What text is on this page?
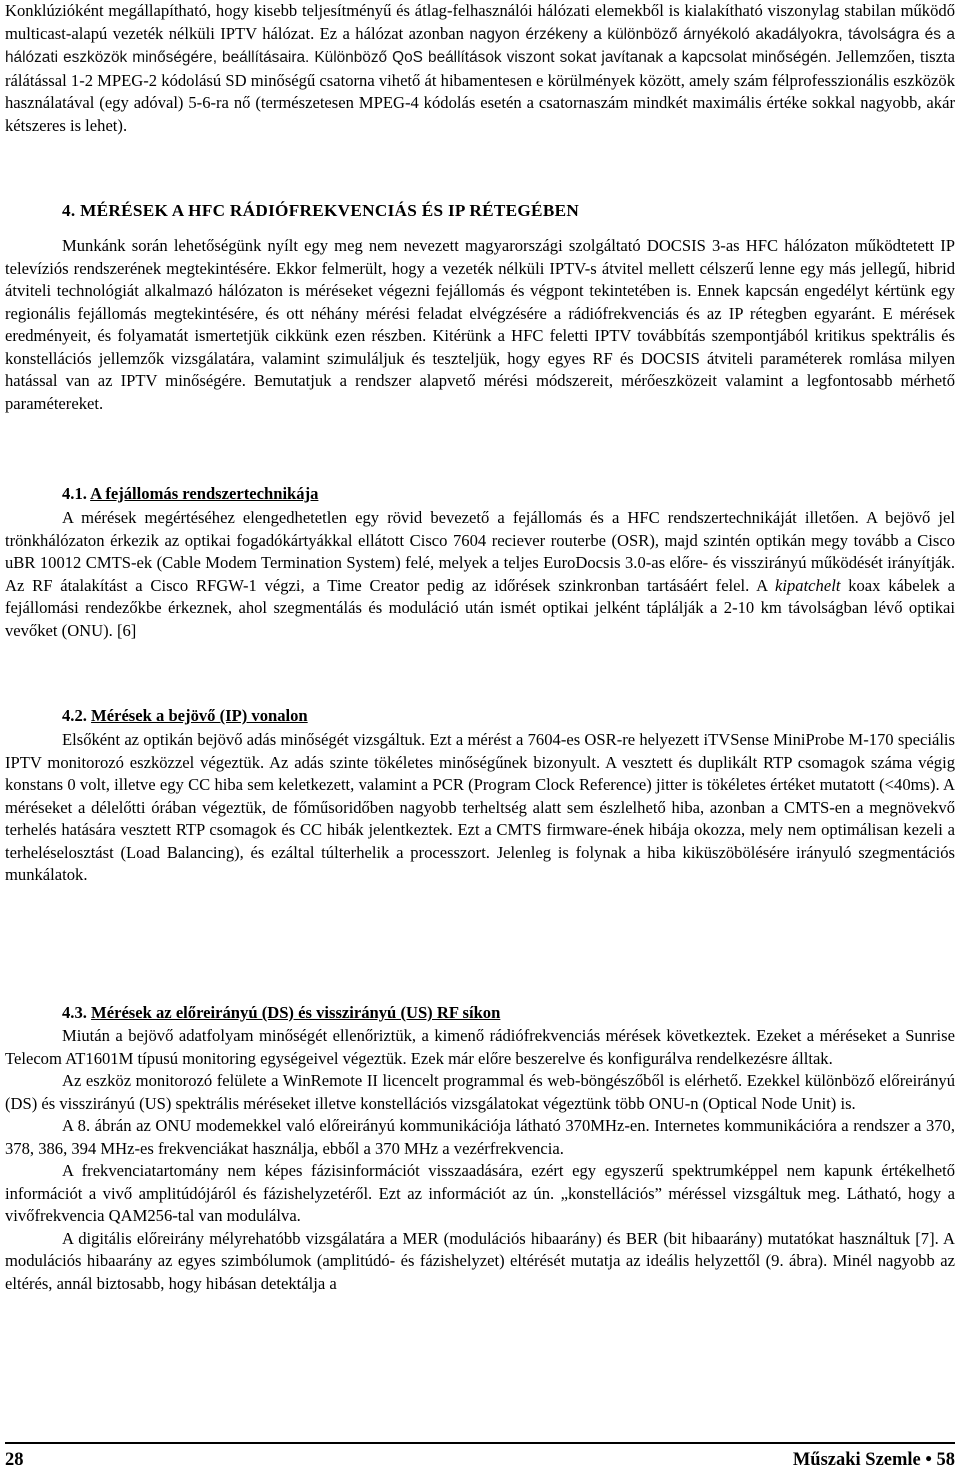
Konklúzióként megállapítható, hogy kisebb teljesítményű és átlag-felhasználói hálózati elemekből is kialakítható viszonylag stabilan működő multicast-alapú vezeték nélküli IPTV hálózat. Ez a hálózat azonban nagyon érzékeny a különböző árnyékoló akadályokra, távolságra és a hálózati eszközök minőségére, beállításaira. Különböző QoS beállítások viszont sokat javítanak a kapcsolat minőségén. Jellemzően, tiszta rálátással 1-2 MPEG-2 kódolású SD minőségű csatorna vihető át hibamentesen e körülmények között, amely szám félprofesszionális eszközök használatával (egy adóval) 5-6-ra nő (természetesen MPEG-4 kódolás esetén a csatornaszám mindkét maximális értéke sokkal nagyobb, akár kétszeres is lehet).

4. MÉRÉSEK A HFC RÁDIÓFREKVENCIÁS ÉS IP RÉTEGÉBEN

Munkánk során lehetőségünk nyílt egy meg nem nevezett magyarországi szolgáltató DOCSIS 3-as HFC hálózaton működtetett IP televíziós rendszerének megtekintésére. Ekkor felmerült, hogy a vezeték nélküli IPTV-s átvitel mellett célszerű lenne egy más jellegű, hibrid átviteli technológiát alkalmazó hálózaton is méréseket végezni fejállomás és végpont tekintetében is. Ennek kapcsán engedélyt kértünk egy regionális fejállomás megtekintésére, és ott néhány mérési feladat elvégzésére a rádiófrekvenciás és az IP rétegben egyaránt. E mérések eredményeit, és folyamatát ismertetjük cikkünk ezen részben. Kitérünk a HFC feletti IPTV továbbítás szempontjából kritikus spektrális és konstellációs jellemzők vizsgálatára, valamint szimuláljuk és teszteljük, hogy egyes RF és DOCSIS átviteli paraméterek romlása milyen hatással van az IPTV minőségére. Bemutatjuk a rendszer alapvető mérési módszereit, mérőeszközeit valamint a legfontosabb mérhető paramétereket.

4.1. A fejállomás rendszertechnikája

A mérések megértéséhez elengedhetetlen egy rövid bevezető a fejállomás és a HFC rendszertechnikáját illetően. A bejövő jel trönkhálózaton érkezik az optikai fogadókártyákkal ellátott Cisco 7604 reciever routerbe (OSR), majd szintén optikán megy tovább a Cisco uBR 10012 CMTS-ek (Cable Modem Termination System) felé, melyek a teljes EuroDocsis 3.0-as előre- és visszirányú működését irányítják. Az RF átalakítást a Cisco RFGW-1 végzi, a Time Creator pedig az időrések szinkronban tartásáért felel. A kipatchelt koax kábelek a fejállomási rendezőkbe érkeznek, ahol szegmentálás és moduláció után ismét optikai jelként táplálják a 2-10 km távolságban lévő optikai vevőket (ONU). [6]

4.2. Mérések a bejövő (IP) vonalon

Elsőként az optikán bejövő adás minőségét vizsgáltuk. Ezt a mérést a 7604-es OSR-re helyezett iTVSense MiniProbe M-170 speciális IPTV monitorozó eszközzel végeztük. Az adás szinte tökéletes minőségűnek bizonyult. A vesztett és duplikált RTP csomagok száma végig konstans 0 volt, illetve egy CC hiba sem keletkezett, valamint a PCR (Program Clock Reference) jitter is tökéletes értéket mutatott (<40ms). A méréseket a délelőtti órában végeztük, de főműsoridőben nagyobb terheltség alatt sem észlelhető hiba, azonban a CMTS-en a megnövekvő terhelés hatására vesztett RTP csomagok és CC hibák jelentkeztek. Ezt a CMTS firmware-ének hibája okozza, mely nem optimálisan kezeli a terheléselosztást (Load Balancing), és ezáltal túlterhelik a processzort. Jelenleg is folynak a hiba kiküszöbölésére irányuló szegmentációs munkálatok.

4.3. Mérések az előreirányú (DS) és visszirányú (US) RF síkon

Miután a bejövő adatfolyam minőségét ellenőriztük, a kimenő rádiófrekvenciás mérések következtek. Ezeket a méréseket a Sunrise Telecom AT1601M típusú monitoring egységeivel végeztük. Ezek már előre beszerelve és konfigurálva rendelkezésre álltak.

Az eszköz monitorozó felülete a WinRemote II licencelt programmal és web-böngészőből is elérhető. Ezekkel különböző előreirányú (DS) és visszirányú (US) spektrális méréseket illetve konstellációs vizsgálatokat végeztünk több ONU-n (Optical Node Unit) is.

A 8. ábrán az ONU modemekkel való előreirányú kommunikációja látható 370MHz-en. Internetes kommunikációra a rendszer a 370, 378, 386, 394 MHz-es frekvenciákat használja, ebből a 370 MHz a vezérfrekvencia.

A frekvenciatartomány nem képes fázisinformációt visszaadására, ezért egy egyszerű spektrumképpel nem kapunk értékelhető információt a vivő amplitúdójáról és fázishelyzetéről. Ezt az információt az ún. „konstellációs” méréssel vizsgáltuk meg. Látható, hogy a vivőfrekvencia QAM256-tal van modulálva.

A digitális előreirány mélyrehatóbb vizsgálatára a MER (modulációs hibaarány) és BER (bit hibaarány) mutatókat használtuk [7]. A modulációs hibaarány az egyes szimbólumok (amplitúdó- és fázishelyzet) eltérését mutatja az ideális helyzettől (9. ábra). Minél nagyobb az eltérés, annál biztosabb, hogy hibásan detektálja a

28	Műszaki Szemle • 58
